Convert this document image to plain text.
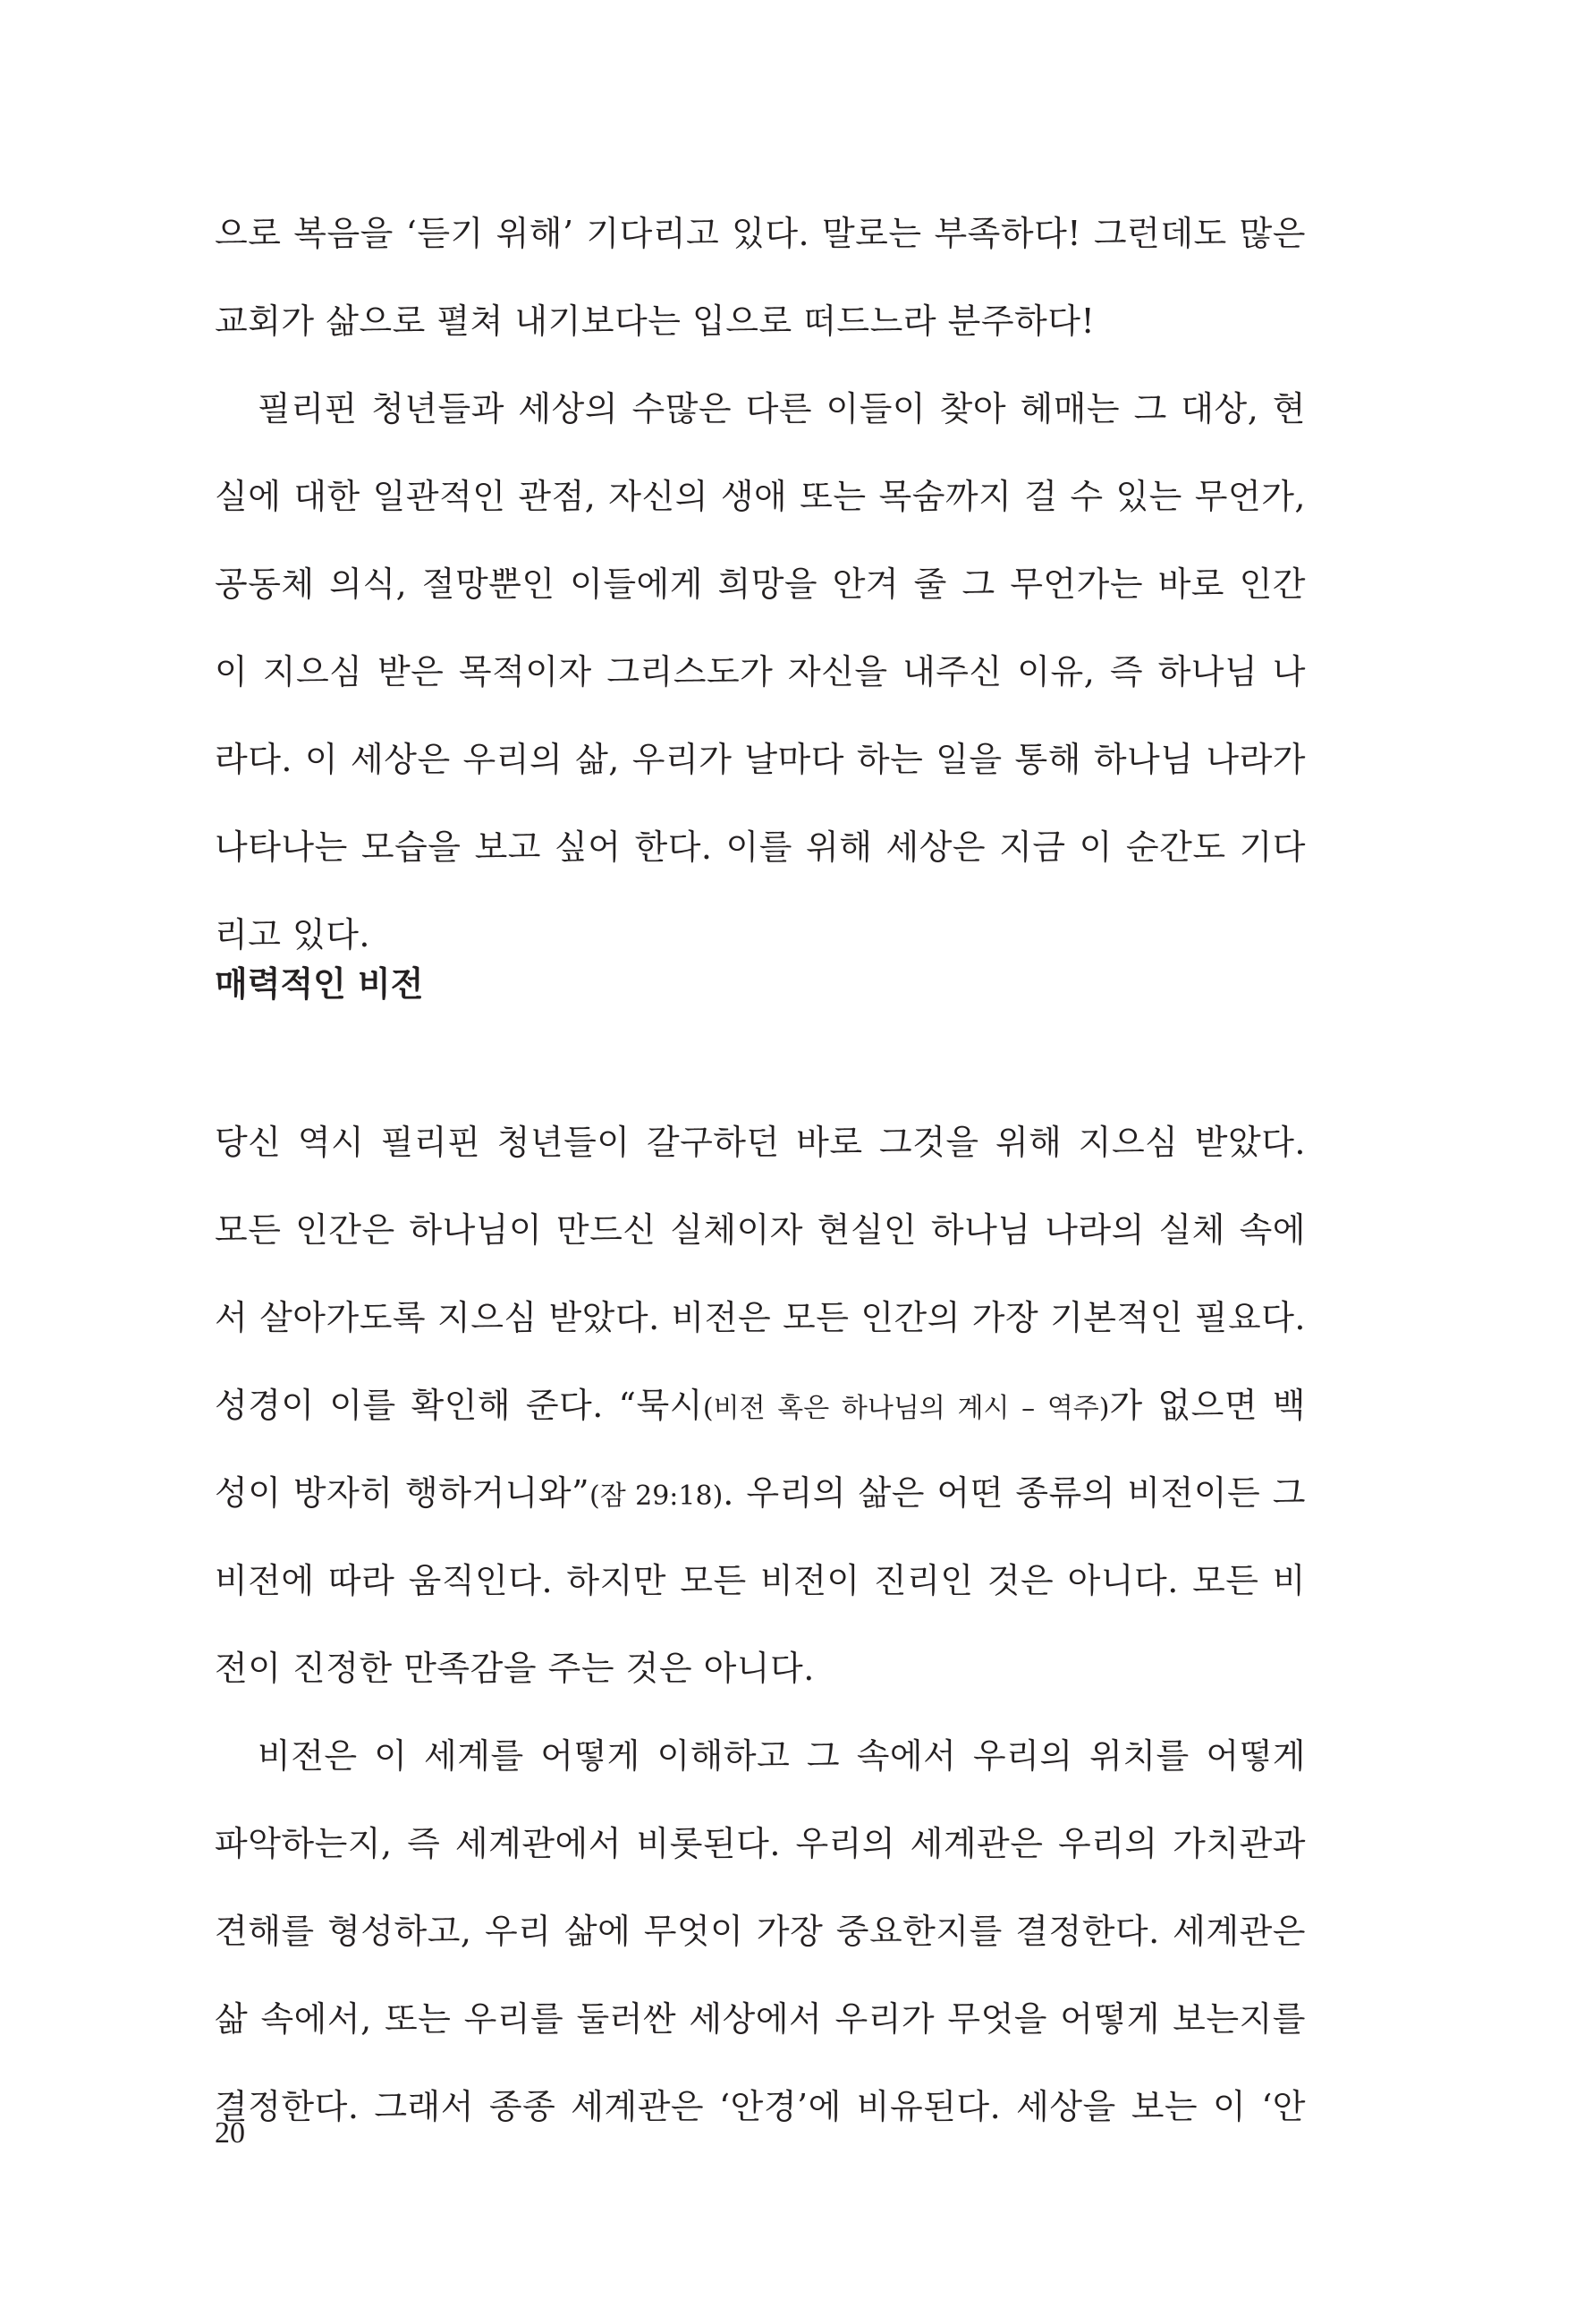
으로 복음을 ‘듣기 위해’ 기다리고 있다. 말로는 부족하다! 그런데도 많은
교회가 삶으로 펼쳐 내기보다는 입으로 떠드느라 분주하다!
필리핀 청년들과 세상의 수많은 다른 이들이 찾아 헤매는 그 대상, 현
실에 대한 일관적인 관점, 자신의 생애 또는 목숨까지 걸 수 있는 무언가,
공동체 의식, 절망뿐인 이들에게 희망을 안겨 줄 그 무언가는 바로 인간
이 지으심 받은 목적이자 그리스도가 자신을 내주신 이유, 즉 하나님 나
라다. 이 세상은 우리의 삶, 우리가 날마다 하는 일을 통해 하나님 나라가
나타나는 모습을 보고 싶어 한다. 이를 위해 세상은 지금 이 순간도 기다
리고 있다.
매력적인 비전
당신 역시 필리핀 청년들이 갈구하던 바로 그것을 위해 지으심 받았다.
모든 인간은 하나님이 만드신 실체이자 현실인 하나님 나라의 실체 속에
서 살아가도록 지으심 받았다. 비전은 모든 인간의 가장 기본적인 필요다.
성경이 이를 확인해 준다. “묵시(비전 혹은 하나님의 계시 – 역주)가 없으면 백
성이 방자히 행하거니와”(잠 29:18). 우리의 삶은 어떤 종류의 비전이든 그
비전에 따라 움직인다. 하지만 모든 비전이 진리인 것은 아니다. 모든 비
전이 진정한 만족감을 주는 것은 아니다.
비전은 이 세계를 어떻게 이해하고 그 속에서 우리의 위치를 어떻게
파악하는지, 즉 세계관에서 비롯된다. 우리의 세계관은 우리의 가치관과
견해를 형성하고, 우리 삶에 무엇이 가장 중요한지를 결정한다. 세계관은
삶 속에서, 또는 우리를 둘러싼 세상에서 우리가 무엇을 어떻게 보는지를
결정한다. 그래서 종종 세계관은 ‘안경’에 비유된다. 세상을 보는 이 ‘안
20
